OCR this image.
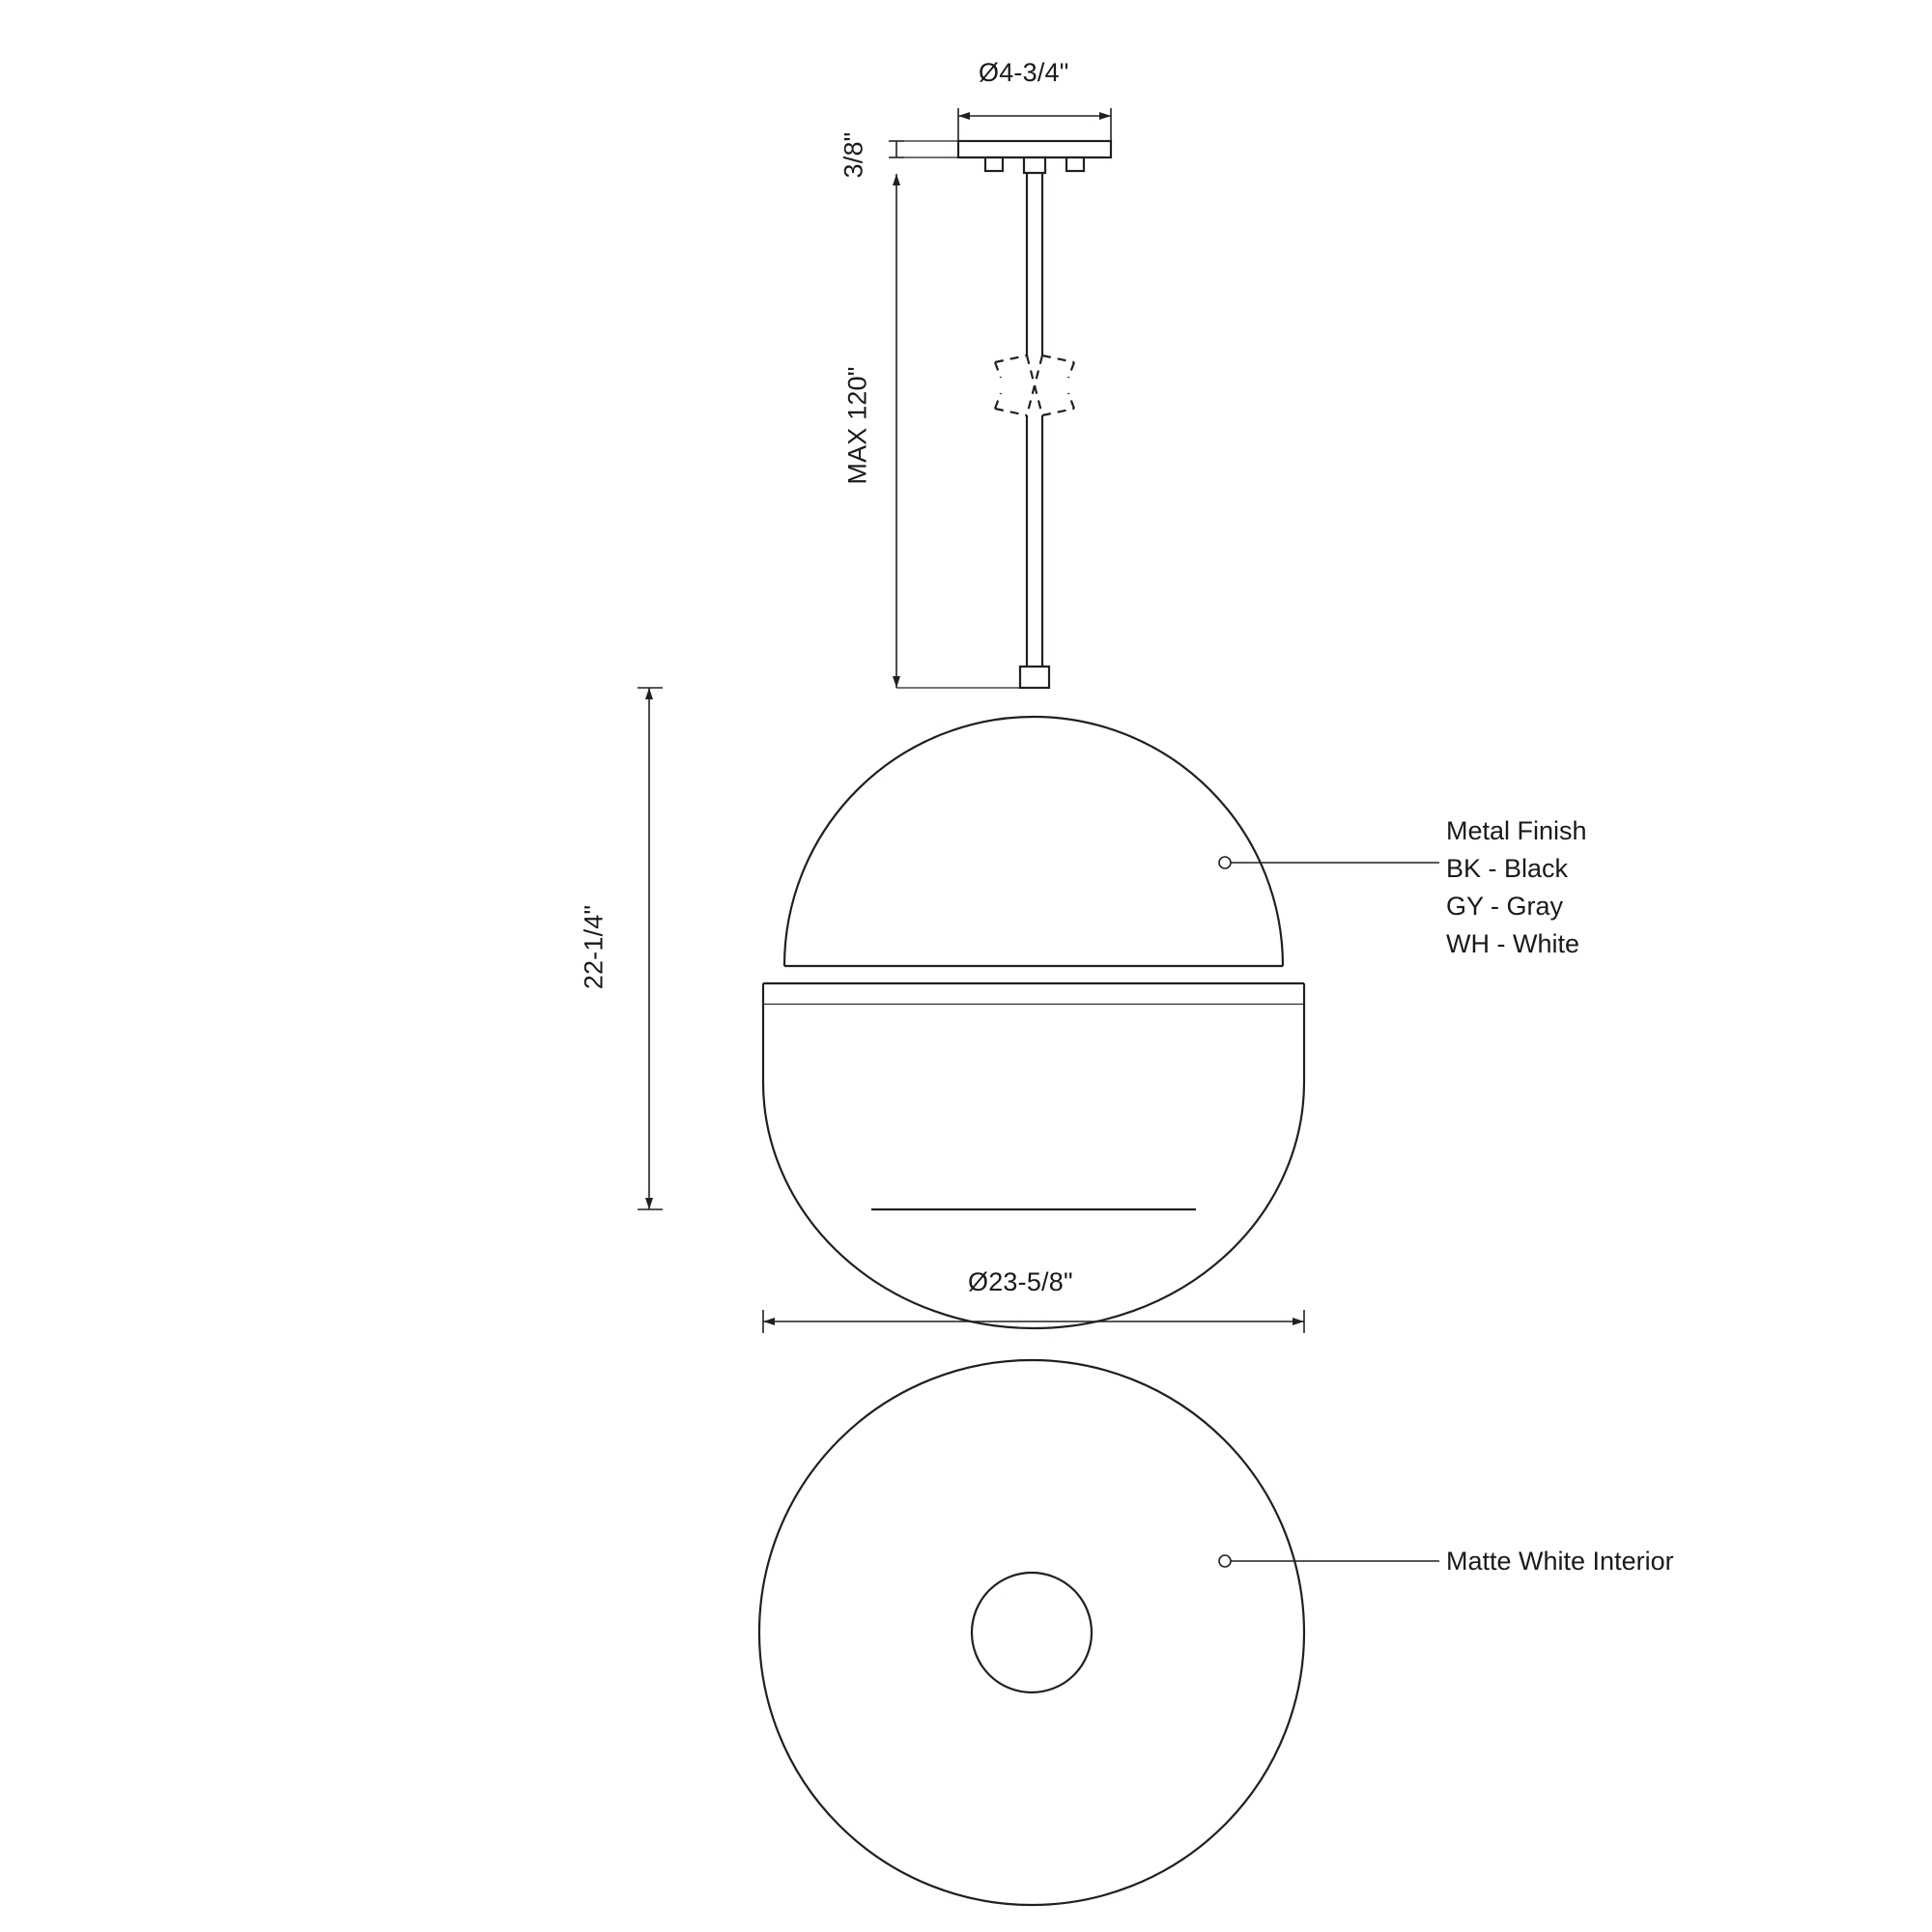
Ø4-3/4"
3/8"
MAX 120"
22-1/4"
Ø23-5/8"
Metal Finish
BK - Black
GY - Gray
WH - White
Matte White Interior
